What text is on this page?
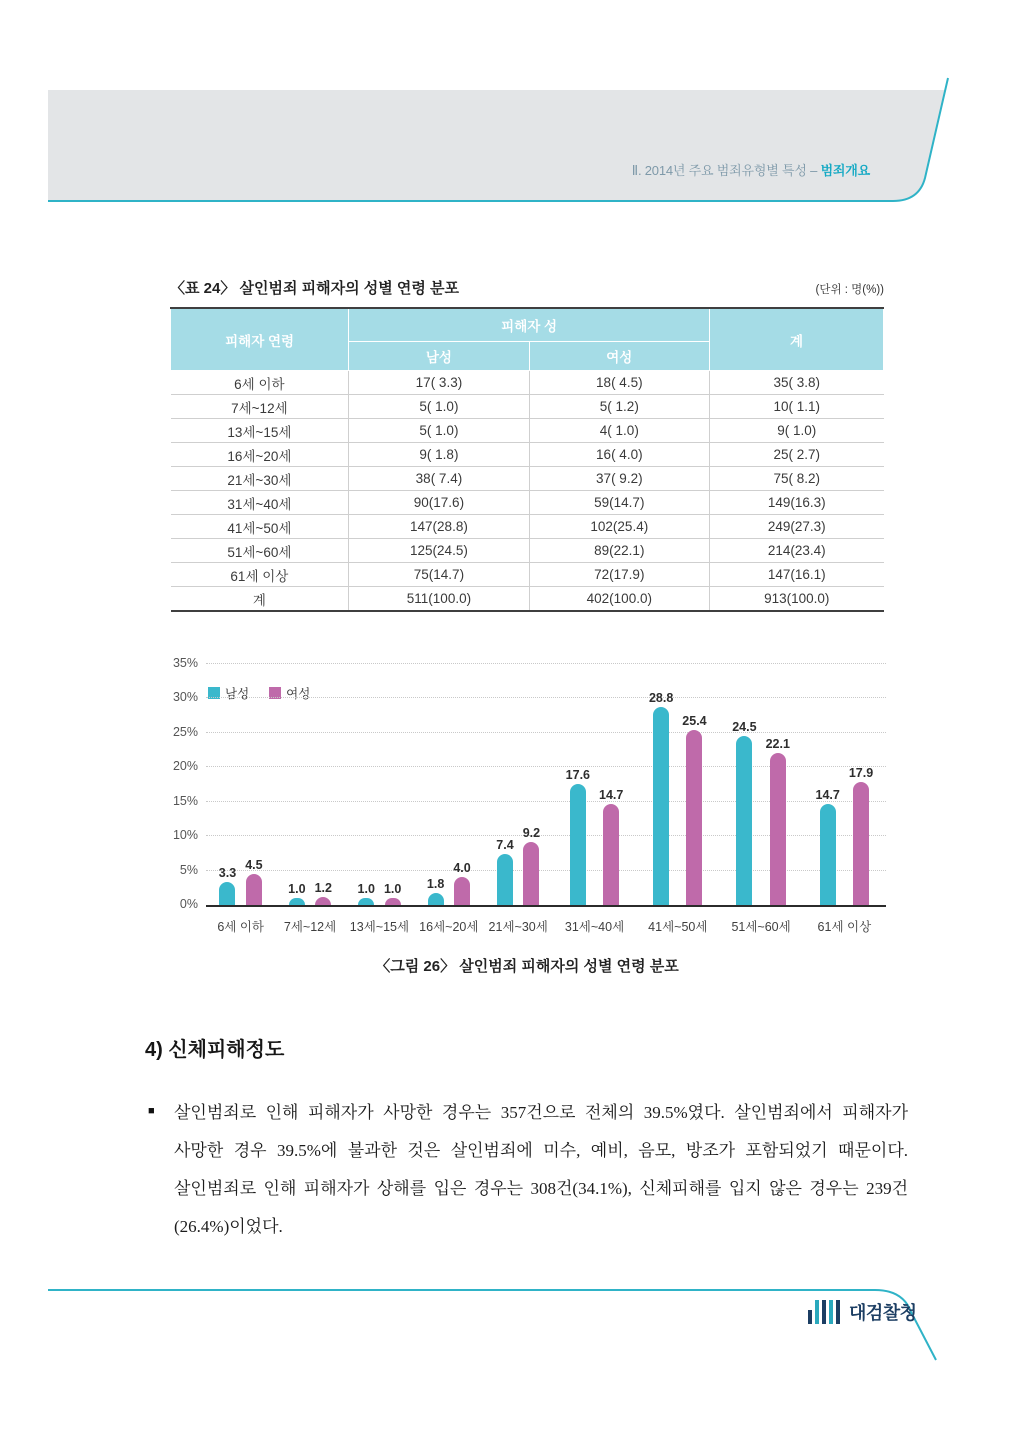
Ⅱ. 2014년 주요 범죄유형별 특성 – 범죄개요
〈표 24〉 살인범죄 피해자의 성별 연령 분포	(단위 : 명(%))
피해자 연령	피해자 성		계
	남성	여성	
6세 이하	17( 3.3)	18( 4.5)	35( 3.8)
7세~12세	5( 1.0)	5( 1.2)	10( 1.1)
13세~15세	5( 1.0)	4( 1.0)	9( 1.0)
16세~20세	9( 1.8)	16( 4.0)	25( 2.7)
21세~30세	38( 7.4)	37( 9.2)	75( 8.2)
31세~40세	90(17.6)	59(14.7)	149(16.3)
41세~50세	147(28.8)	102(25.4)	249(27.3)
51세~60세	125(24.5)	89(22.1)	214(23.4)
61세 이상	75(14.7)	72(17.9)	147(16.1)
계	511(100.0)	402(100.0)	913(100.0)
남성	여성
3.3
4.5
6세 이하
1.0 1.2
7세~12세
1.0 1.0
13세~15세
1.8
4.0
16세~20세
7.4
9.2
21세~30세
17.6
14.7
31세~40세
28.8
25.4
41세~50세
24.5
22.1
51세~60세
14.7
17.9
61세 이상
35%
30%
25%
20%
15%
10%
5%
0%
〈그림 26〉 살인범죄 피해자의 성별 연령 분포
4) 신체피해정도
■	살인범죄로 인해 피해자가 사망한 경우는 357건으로 전체의 39.5%였다. 살인범죄에서 피해자가 사망한 경우 39.5%에 불과한 것은 살인범죄에 미수, 예비, 음모, 방조가 포함되었기 때문이다. 살인범죄로 인해 피해자가 상해를 입은 경우는 308건(34.1%), 신체피해를 입지 않은 경우는 239건(26.4%)이었다.
대검찰청
